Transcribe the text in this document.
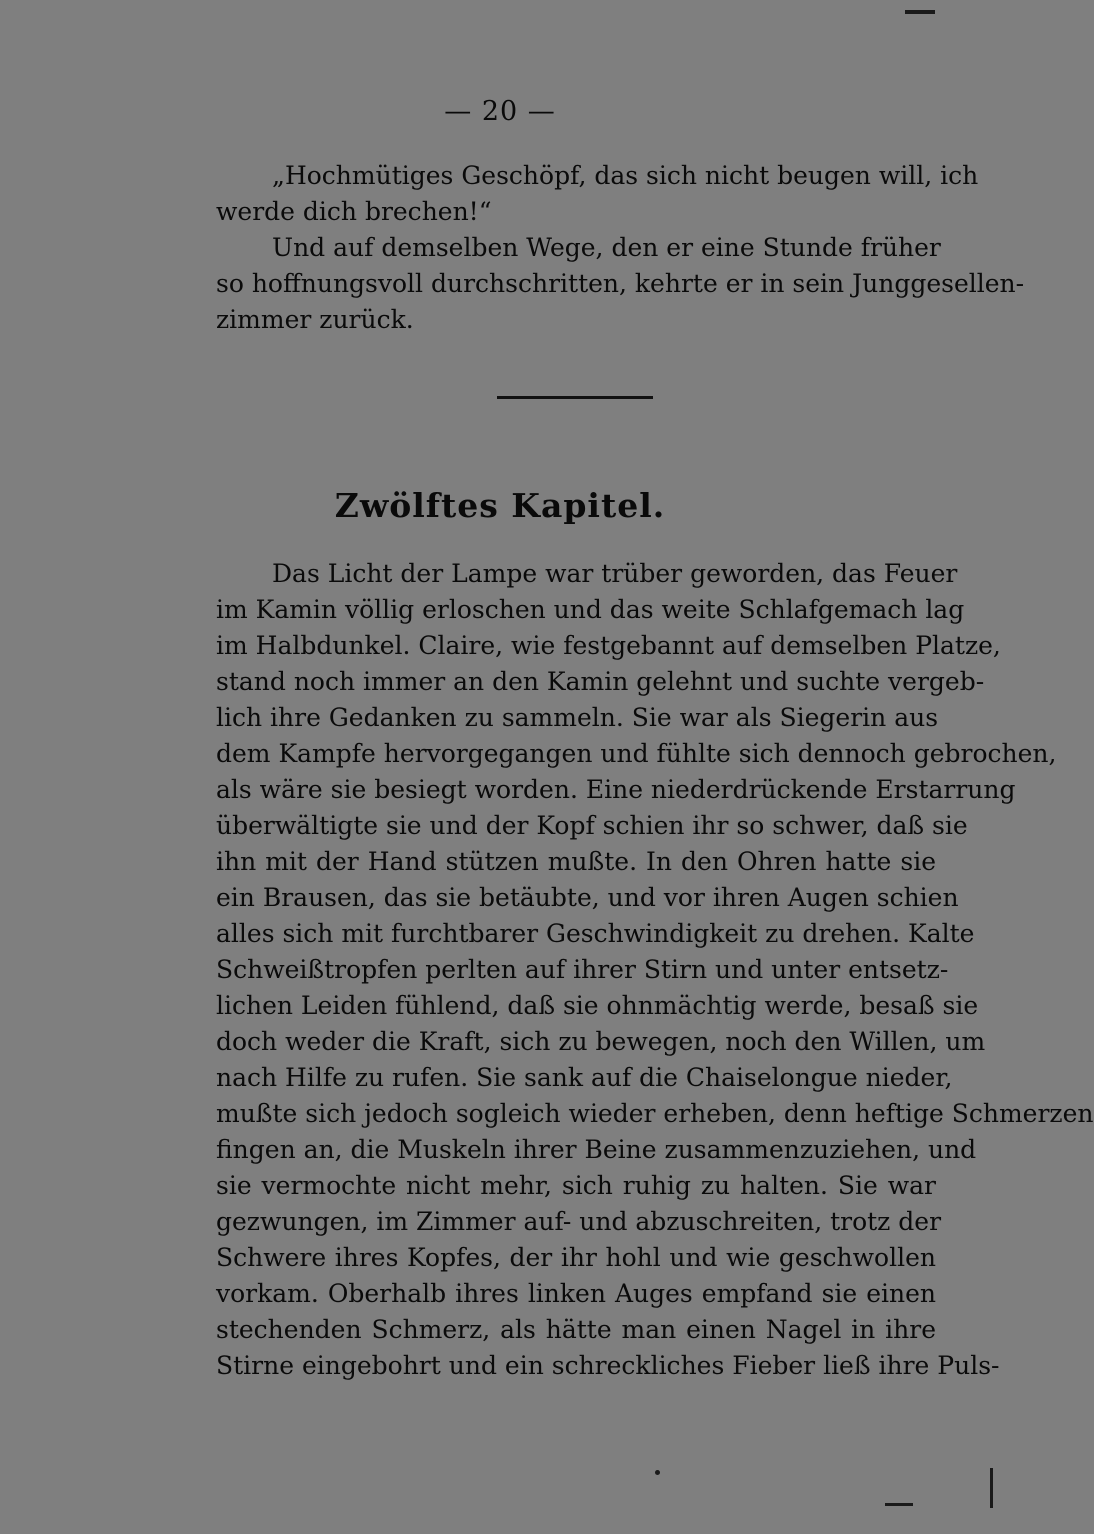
— 20 —
„Hochmütiges Geschöpf, das sich nicht beugen will, ich
werde dich brechen!“
Und auf demselben Wege, den er eine Stunde früher
so hoffnungsvoll durchschritten, kehrte er in sein Junggesellen-
zimmer zurück.
Zwölftes Kapitel.
Das Licht der Lampe war trüber geworden, das Feuer
im Kamin völlig erloschen und das weite Schlafgemach lag
im Halbdunkel. Claire, wie festgebannt auf demselben Platze,
stand noch immer an den Kamin gelehnt und suchte vergeb-
lich ihre Gedanken zu sammeln. Sie war als Siegerin aus
dem Kampfe hervorgegangen und fühlte sich dennoch gebrochen,
als wäre sie besiegt worden. Eine niederdrückende Erstarrung
überwältigte sie und der Kopf schien ihr so schwer, daß sie
ihn mit der Hand stützen mußte. In den Ohren hatte sie
ein Brausen, das sie betäubte, und vor ihren Augen schien
alles sich mit furchtbarer Geschwindigkeit zu drehen. Kalte
Schweißtropfen perlten auf ihrer Stirn und unter entsetz-
lichen Leiden fühlend, daß sie ohnmächtig werde, besaß sie
doch weder die Kraft, sich zu bewegen, noch den Willen, um
nach Hilfe zu rufen. Sie sank auf die Chaiselongue nieder,
mußte sich jedoch sogleich wieder erheben, denn heftige Schmerzen
fingen an, die Muskeln ihrer Beine zusammenzuziehen, und
sie vermochte nicht mehr, sich ruhig zu halten. Sie war
gezwungen, im Zimmer auf- und abzuschreiten, trotz der
Schwere ihres Kopfes, der ihr hohl und wie geschwollen
vorkam. Oberhalb ihres linken Auges empfand sie einen
stechenden Schmerz, als hätte man einen Nagel in ihre
Stirne eingebohrt und ein schreckliches Fieber ließ ihre Puls-
